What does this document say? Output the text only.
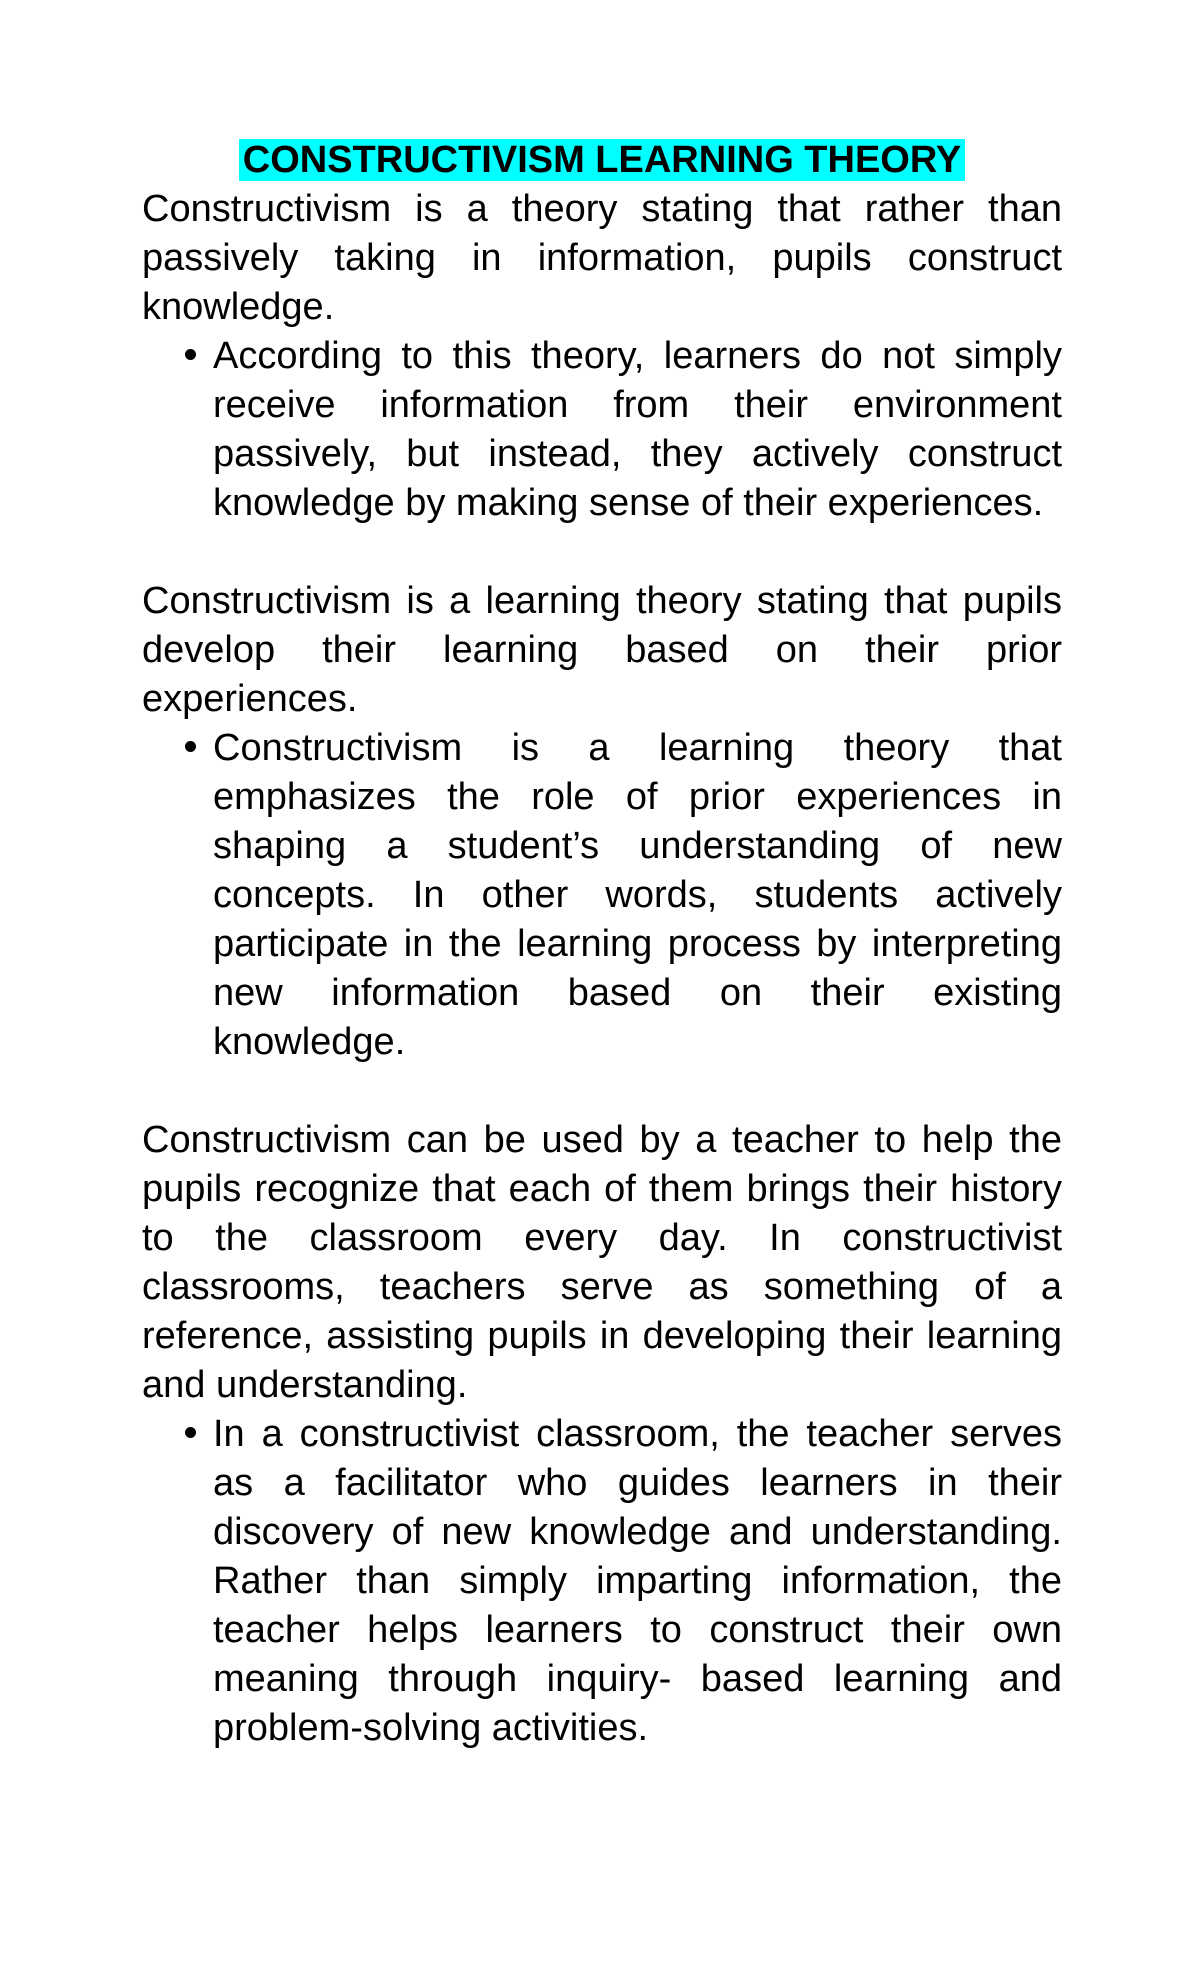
CONSTRUCTIVISM LEARNING THEORY

Constructivism is a theory stating that rather than passively taking in information, pupils construct knowledge.

According to this theory, learners do not simply receive information from their environment passively, but instead, they actively construct knowledge by making sense of their experiences.

Constructivism is a learning theory stating that pupils develop their learning based on their prior experiences.

Constructivism is a learning theory that emphasizes the role of prior experiences in shaping a student’s understanding of new concepts. In other words, students actively participate in the learning process by interpreting new information based on their existing knowledge.

Constructivism can be used by a teacher to help the pupils recognize that each of them brings their history to the classroom every day. In constructivist classrooms, teachers serve as something of a reference, assisting pupils in developing their learning and understanding.

In a constructivist classroom, the teacher serves as a facilitator who guides learners in their discovery of new knowledge and understanding. Rather than simply imparting information, the teacher helps learners to construct their own meaning through inquiry- based learning and problem-solving activities.
